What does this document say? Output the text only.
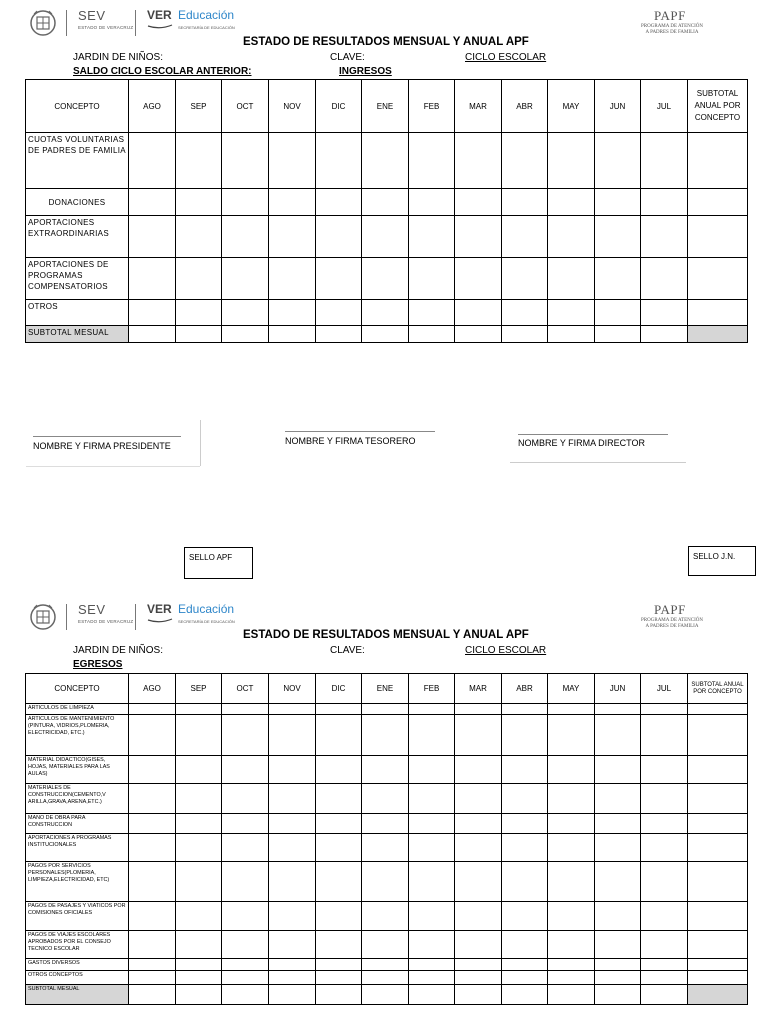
SEV
ESTADO DE VERACRUZ
VER Educación
SECRETARÍA DE EDUCACIÓN
PAPF
PROGRAMA DE ATENCIÓN
A PADRES DE FAMILIA
ESTADO DE RESULTADOS MENSUAL Y ANUAL APF
JARDIN DE NIÑOS:	CLAVE:	CICLO ESCOLAR
SALDO CICLO ESCOLAR ANTERIOR:	INGRESOS
CONCEPTO	AGO	SEP	OCT	NOV	DIC	ENE	FEB	MAR	ABR	MAY	JUN	JUL	SUBTOTAL ANUAL POR CONCEPTO
CUOTAS VOLUNTARIAS DE PADRES DE FAMILIA													
DONACIONES													
APORTACIONES EXTRAORDINARIAS													
APORTACIONES DE PROGRAMAS COMPENSATORIOS													
OTROS													
SUBTOTAL MESUAL													
NOMBRE Y FIRMA PRESIDENTE	NOMBRE Y FIRMA TESORERO	NOMBRE Y FIRMA DIRECTOR
SELLO APF	SELLO J.N.
SEV
ESTADO DE VERACRUZ
VER Educación
SECRETARÍA DE EDUCACIÓN
PAPF
PROGRAMA DE ATENCIÓN
A PADRES DE FAMILIA
ESTADO DE RESULTADOS MENSUAL Y ANUAL APF
JARDIN DE NIÑOS:	CLAVE:	CICLO ESCOLAR
EGRESOS
CONCEPTO	AGO	SEP	OCT	NOV	DIC	ENE	FEB	MAR	ABR	MAY	JUN	JUL	SUBTOTAL ANUAL POR CONCEPTO
ARTICULOS DE LIMPIEZA													
ARTICULOS DE MANTENIMIENTO (PINTURA, VIDRIOS,PLOMERIA, ELECTRICIDAD, ETC.)													
MATERIAL DIDACTICO(GISES, HOJAS, MATERIALES PARA LAS AULAS)													
MATERIALES DE CONSTRUCCION(CEMENTO,V ARILLA,GRAVA,ARENA,ETC.)													
MANO DE OBRA PARA CONSTRUCCION													
APORTACIONES A PROGRAMAS INSTITUCIONALES													
PAGOS POR SERVICIOS PERSONALES(PLOMERIA, LIMPIEZA,ELECTRICIDAD, ETC)													
PAGOS DE PASAJES Y VIATICOS POR COMISIONES OFICIALES													
PAGOS DE VIAJES ESCOLARES APROBADOS POR EL CONSEJO TECNICO ESCOLAR													
GASTOS DIVERSOS													
OTROS CONCEPTOS													
SUBTOTAL MESUAL													
